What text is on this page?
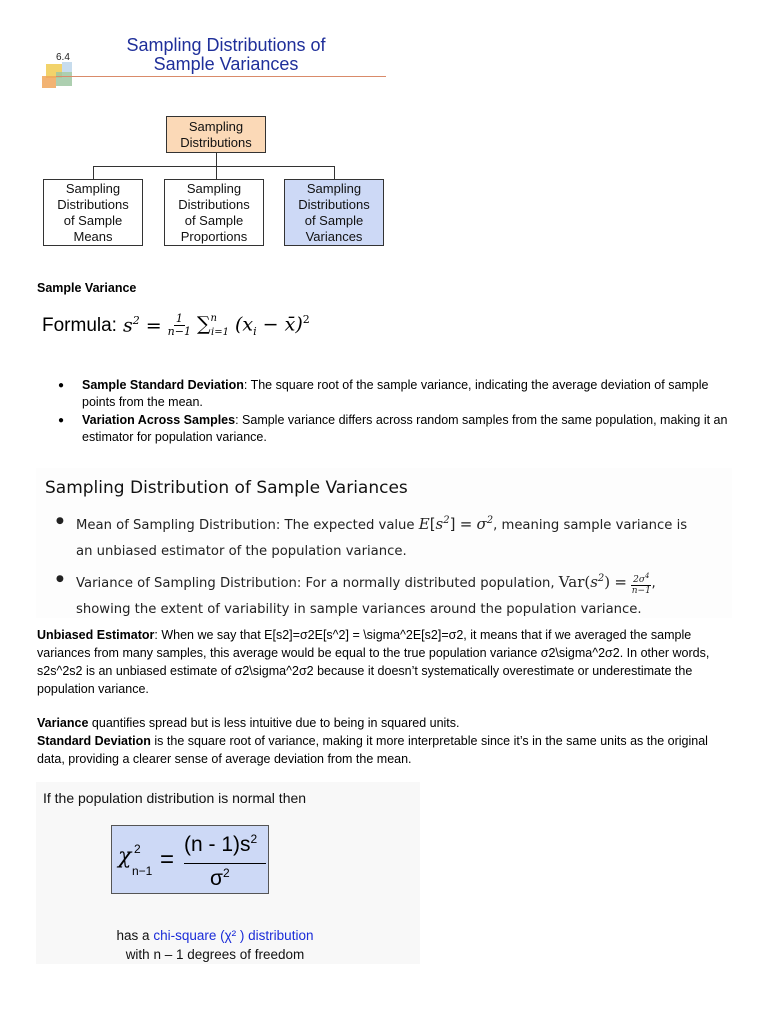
6.4
Sampling Distributions of
Sample Variances
Sampling
Distributions
Sampling
Distributions
of Sample
Means
Sampling
Distributions
of Sample
Proportions
Sampling
Distributions
of Sample
Variances
Sample Variance
Formula: $s^2 = \frac{1}{n-1} \sum^n_{i=1}$ ($x_i$ − x̄)$^2$
● Sample Standard Deviation: The square root of the sample variance, indicating the average deviation of sample points from the mean.
● Variation Across Samples: Sample variance differs across random samples from the same population, making it an estimator for population variance.
Sampling Distribution of Sample Variances
● Mean of Sampling Distribution: The expected value $E[s^2] = \sigma^2$, meaning sample variance is
an unbiased estimator of the population variance.
● Variance of Sampling Distribution: For a normally distributed population, $Var(s^2) = \frac{2\sigma^4}{n-1}$ ,
showing the extent of variability in sample variances around the population variance.
Unbiased Estimator: When we say that E[s2]=σ2E[s^2] = \sigma^2E[s2]=σ2, it means that if we averaged the sample variances from many samples, this average would be equal to the true population variance σ2\sigma^2σ2. In other words, s2s^2s2 is an unbiased estimate of σ2\sigma^2σ2 because it doesn’t systematically overestimate or underestimate the population variance.
Variance quantifies spread but is less intuitive due to being in squared units.
Standard Deviation is the square root of variance, making it more interpretable since it’s in the same units as the original data, providing a clearer sense of average deviation from the mean.
If the population distribution is normal then
χ 2
n−1 =
$(n - 1)s^2$
$\sigma^2$
has a chi-square (χ² ) distribution
with n – 1 degrees of freedom
